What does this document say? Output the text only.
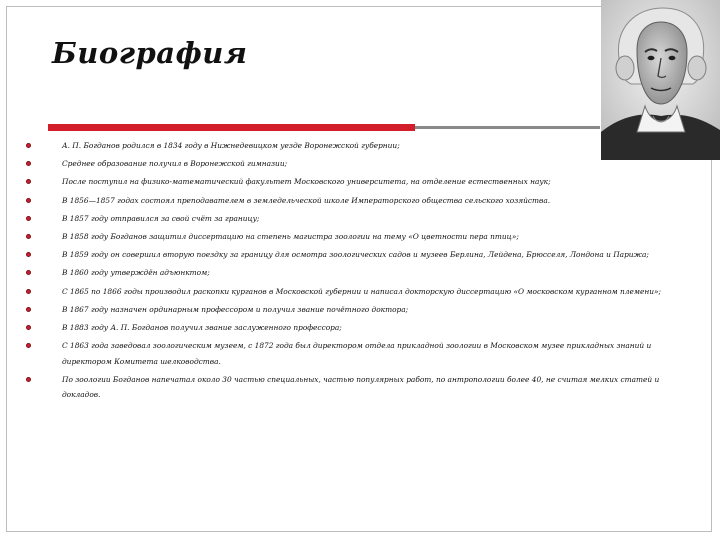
Биография
А. П. Богданов родился в 1834 году в Нижнедевицком уезде Воронежской губернии;
Среднее образование получил в Воронежской гимназии;
После поступил на физико-математический факультет Московского университета, на отделение естественных наук;
В 1856—1857 годах состоял преподавателем в земледельческой школе Императорского общества сельского хозяйства.
В 1857 году отправился за свой счёт за границу;
В 1858 году Богданов защитил диссертацию на степень магистра зоологии на тему «О цветности пера птиц»;
В 1859 году он совершил вторую поездку за границу для осмотра зоологических садов и музеев Берлина, Лейдена, Брюсселя, Лондона и Парижа;
В 1860 году утверждён адъюнктом;
С 1865 по 1866 годы производил раскопки курганов в Московской губернии и написал докторскую диссертацию «О московском курганном племени»;
В 1867 году назначен ординарным профессором и получил звание почётного доктора;
В 1883 году А. П. Богданов получил звание заслуженного профессора;
С 1863 года заведовал зоологическим музеем, с 1872 года был директором отдела прикладной зоологии в Московском музее прикладных знаний и директором Комитета шелководства.
По зоологии Богданов напечатал около 30 частью специальных, частью популярных работ, по антропологии более 40, не считая мелких статей и докладов.
